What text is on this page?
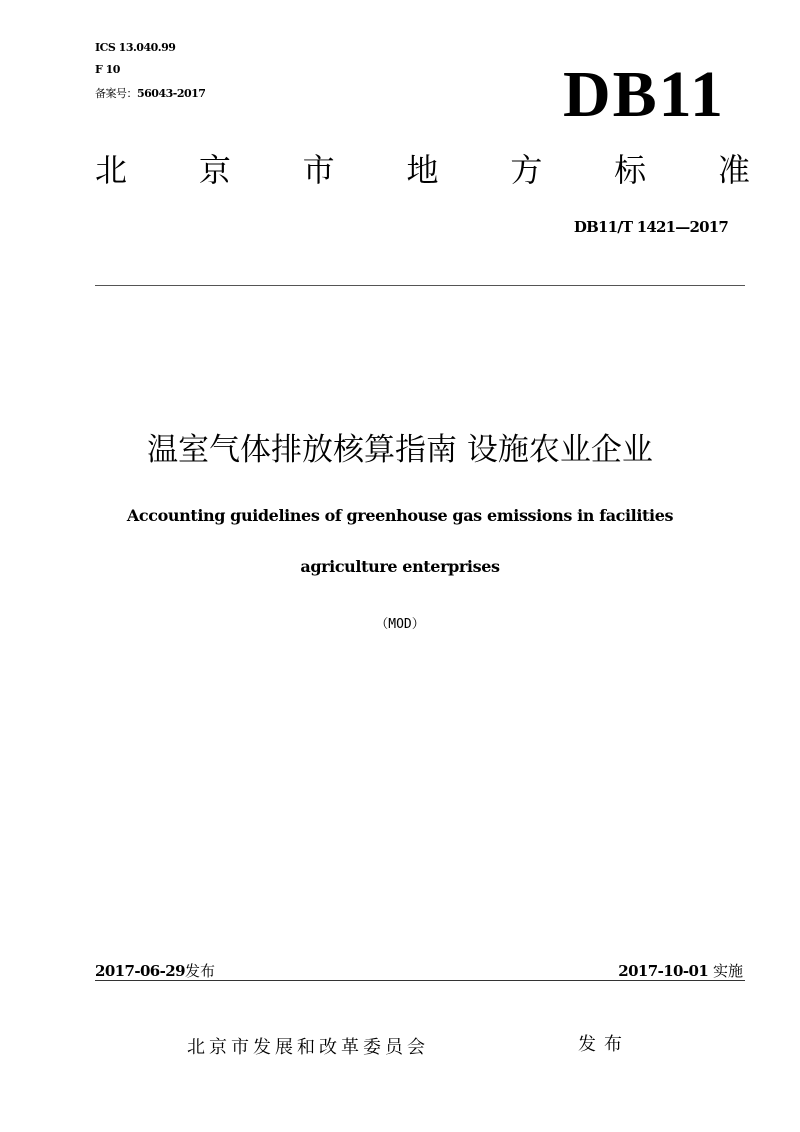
ICS 13.040.99
F 10
备案号：56043-2017	DB11
北 京 市 地 方 标 准
DB11/T 1421—2017
温室气体排放核算指南 设施农业企业
Accounting guidelines of greenhouse gas emissions in facilities
agriculture enterprises
（MOD）
2017-06-29发布	2017-10-01 实施
北京市发展和改革委员会	发布
